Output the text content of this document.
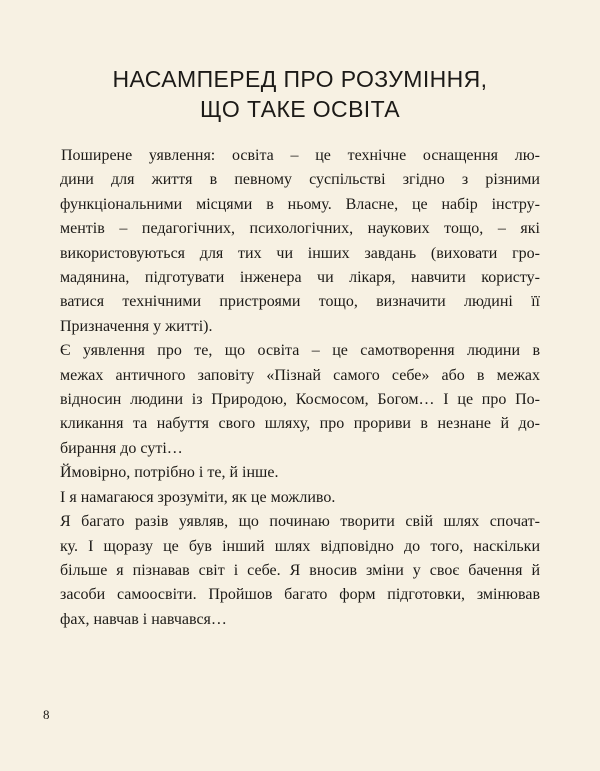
НАСАМПЕРЕД ПРО РОЗУМІННЯ,
ЩО ТАКЕ ОСВІТА

Поширене уявлення: освіта – це технічне оснащення лю-
дини для життя в певному суспільстві згідно з різними
функціональними місцями в ньому. Власне, це набір інстру-
ментів – педагогічних, психологічних, наукових тощо, – які
використовуються для тих чи інших завдань (виховати гро-
мадянина, підготувати інженера чи лікаря, навчити користу-
ватися технічними пристроями тощо, визначити людині її
Призначення у житті).

Є уявлення про те, що освіта – це самотворення людини в
межах античного заповіту «Пізнай самого себе» або в межах
відносин людини із Природою, Космосом, Богом… І це про По-
кликання та набуття свого шляху, про прориви в незнане й до-
бирання до суті…

Ймовірно, потрібно і те, й інше.

І я намагаюся зрозуміти, як це можливо.

Я багато разів уявляв, що починаю творити свій шлях спочат-
ку. І щоразу це був інший шлях відповідно до того, наскільки
більше я пізнавав світ і себе. Я вносив зміни у своє бачення й
засоби самоосвіти. Пройшов багато форм підготовки, змінював
фах, навчав і навчався…

8
